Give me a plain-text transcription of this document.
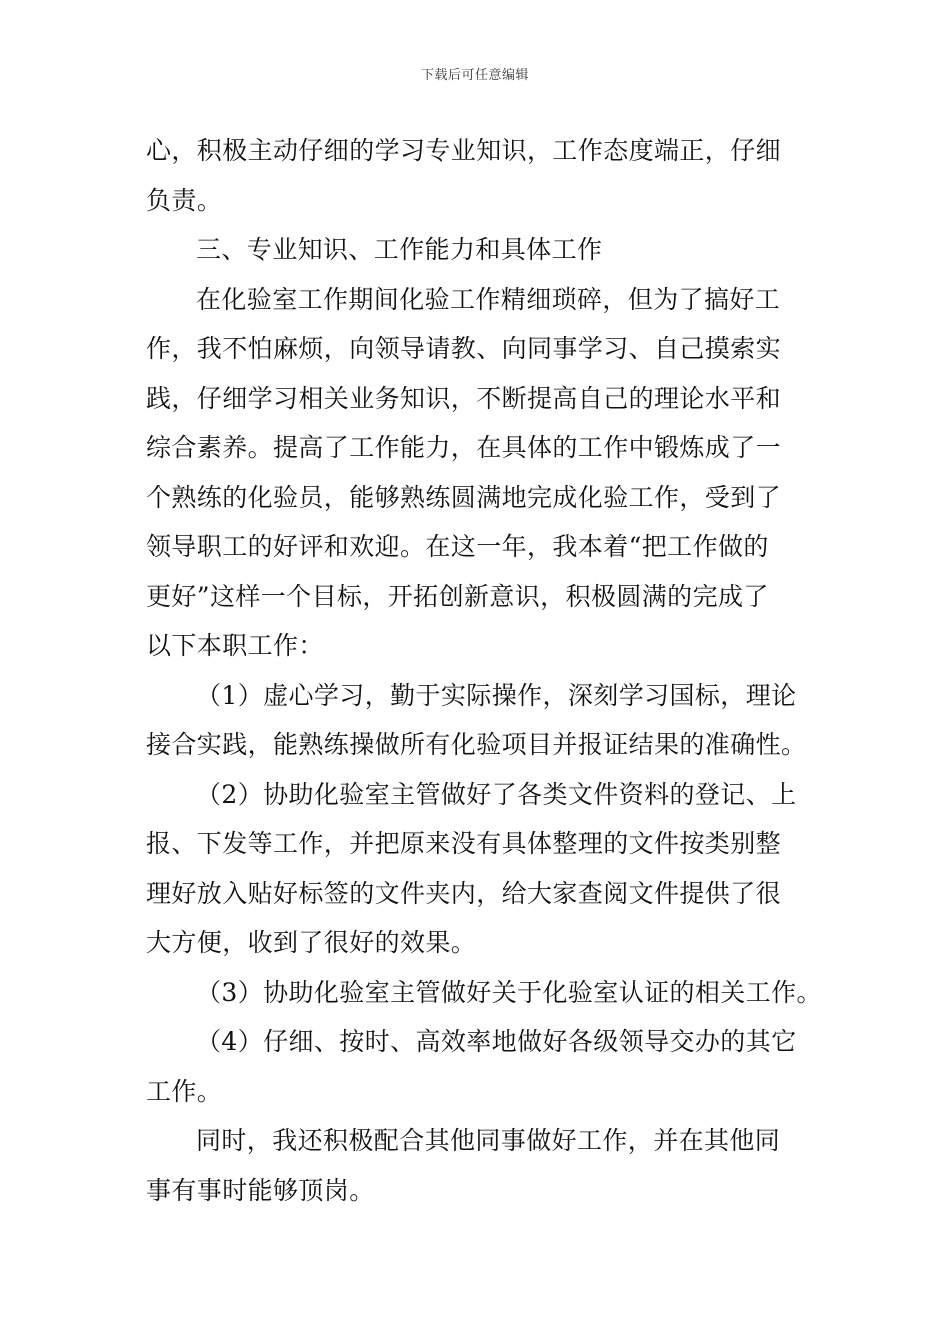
下载后可任意编辑
心，积极主动仔细的学习专业知识，工作态度端正，仔细
负责。
三、专业知识、工作能力和具体工作
在化验室工作期间化验工作精细琐碎，但为了搞好工
作，我不怕麻烦，向领导请教、向同事学习、自己摸索实
践，仔细学习相关业务知识，不断提高自己的理论水平和
综合素养。提高了工作能力，在具体的工作中锻炼成了一
个熟练的化验员，能够熟练圆满地完成化验工作，受到了
领导职工的好评和欢迎。在这一年，我本着“把工作做的
更好”这样一个目标，开拓创新意识，积极圆满的完成了
以下本职工作：
（1）虚心学习，勤于实际操作，深刻学习国标，理论
接合实践，能熟练操做所有化验项目并报证结果的准确性。
（2）协助化验室主管做好了各类文件资料的登记、上
报、下发等工作，并把原来没有具体整理的文件按类别整
理好放入贴好标签的文件夹内，给大家查阅文件提供了很
大方便，收到了很好的效果。
（3）协助化验室主管做好关于化验室认证的相关工作。
（4）仔细、按时、高效率地做好各级领导交办的其它
工作。
同时，我还积极配合其他同事做好工作，并在其他同
事有事时能够顶岗。
